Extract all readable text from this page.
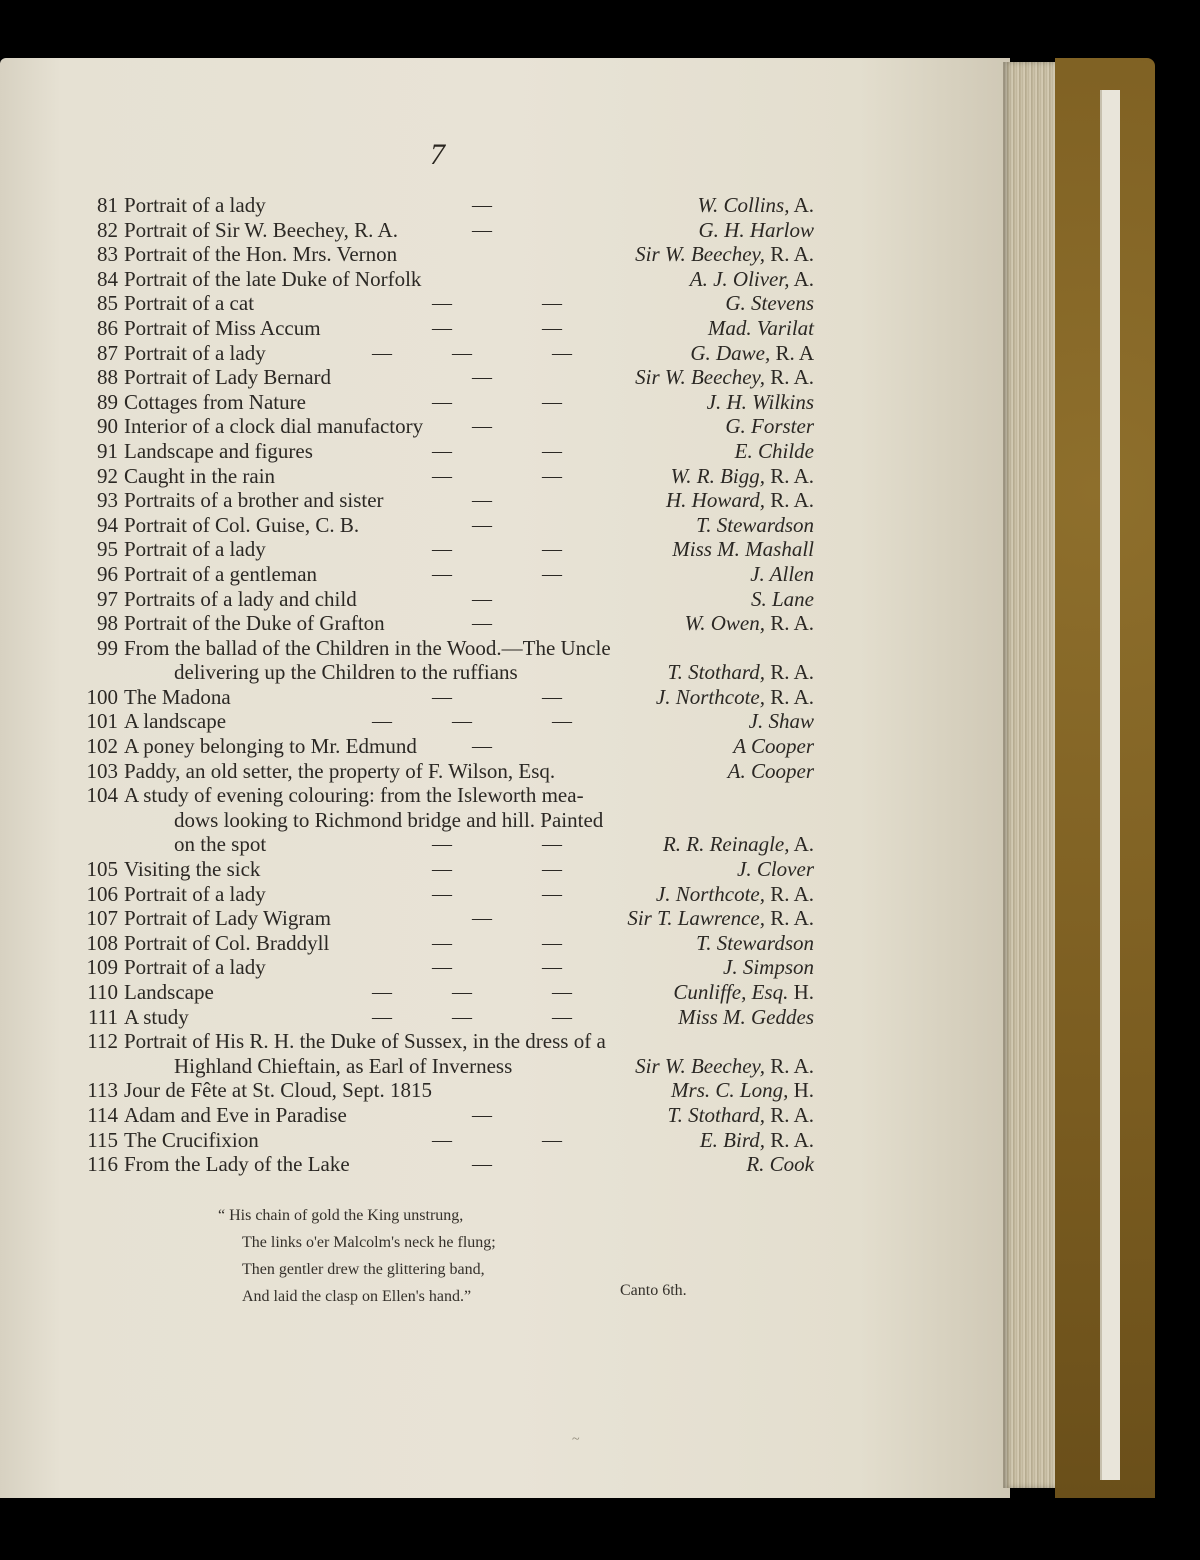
7
81 Portrait of a lady	—	W. Collins, A.
82 Portrait of Sir W. Beechey, R. A.	—	G. H. Harlow
83 Portrait of the Hon. Mrs. Vernon	Sir W. Beechey, R. A.
84 Portrait of the late Duke of Norfolk	A. J. Oliver, A.
85 Portrait of a cat	—	—	G. Stevens
86 Portrait of Miss Accum	—	—	Mad. Varilat
87 Portrait of a lady	—	—	—	G. Dawe, R. A
88 Portrait of Lady Bernard	—	Sir W. Beechey, R. A.
89 Cottages from Nature	—	—	J. H. Wilkins
90 Interior of a clock dial manufactory —	G. Forster
91 Landscape and figures	—	—	E. Childe
92 Caught in the rain	—	—	W. R. Bigg, R. A.
93 Portraits of a brother and sister	—	H. Howard, R. A.
94 Portrait of Col. Guise, C. B.	—	T. Stewardson
95 Portrait of a lady	—	—	Miss M. Mashall
96 Portrait of a gentleman	—	—	J. Allen
97 Portraits of a lady and child	—	S. Lane
98 Portrait of the Duke of Grafton	—	W. Owen, R. A.
99 From the ballad of the Children in the Wood.—The Uncle
delivering up the Children to the ruffians	T. Stothard, R. A.
100 The Madona	—	—	J. Northcote, R. A.
101 A landscape	—	—	—	J. Shaw
102 A poney belonging to Mr. Edmund	—	A Cooper
103 Paddy, an old setter, the property of F. Wilson, Esq.	A. Cooper
104 A study of evening colouring: from the Isleworth mea-
dows looking to Richmond bridge and hill. Painted
on the spot	—	—	R. R. Reinagle, A.
105 Visiting the sick	—	—	J. Clover
106 Portrait of a lady	—	—	J. Northcote, R. A.
107 Portrait of Lady Wigram	—	Sir T. Lawrence, R. A.
108 Portrait of Col. Braddyll	—	—	T. Stewardson
109 Portrait of a lady	—	—	J. Simpson
110 Landscape	—	—	—	Cunliffe, Esq. H.
111 A study	—	—	—	Miss M. Geddes
112 Portrait of His R. H. the Duke of Sussex, in the dress of a
Highland Chieftain, as Earl of Inverness	Sir W. Beechey, R. A.
113 Jour de Fête at St. Cloud, Sept. 1815	Mrs. C. Long, H.
114 Adam and Eve in Paradise	—	T. Stothard, R. A.
115 The Crucifixion	—	—	E. Bird, R. A.
116 From the Lady of the Lake	—	R. Cook
“ His chain of gold the King unstrung,
The links o'er Malcolm's neck he flung;
Then gentler drew the glittering band,
And laid the clasp on Ellen's hand.”	Canto 6th.
~
